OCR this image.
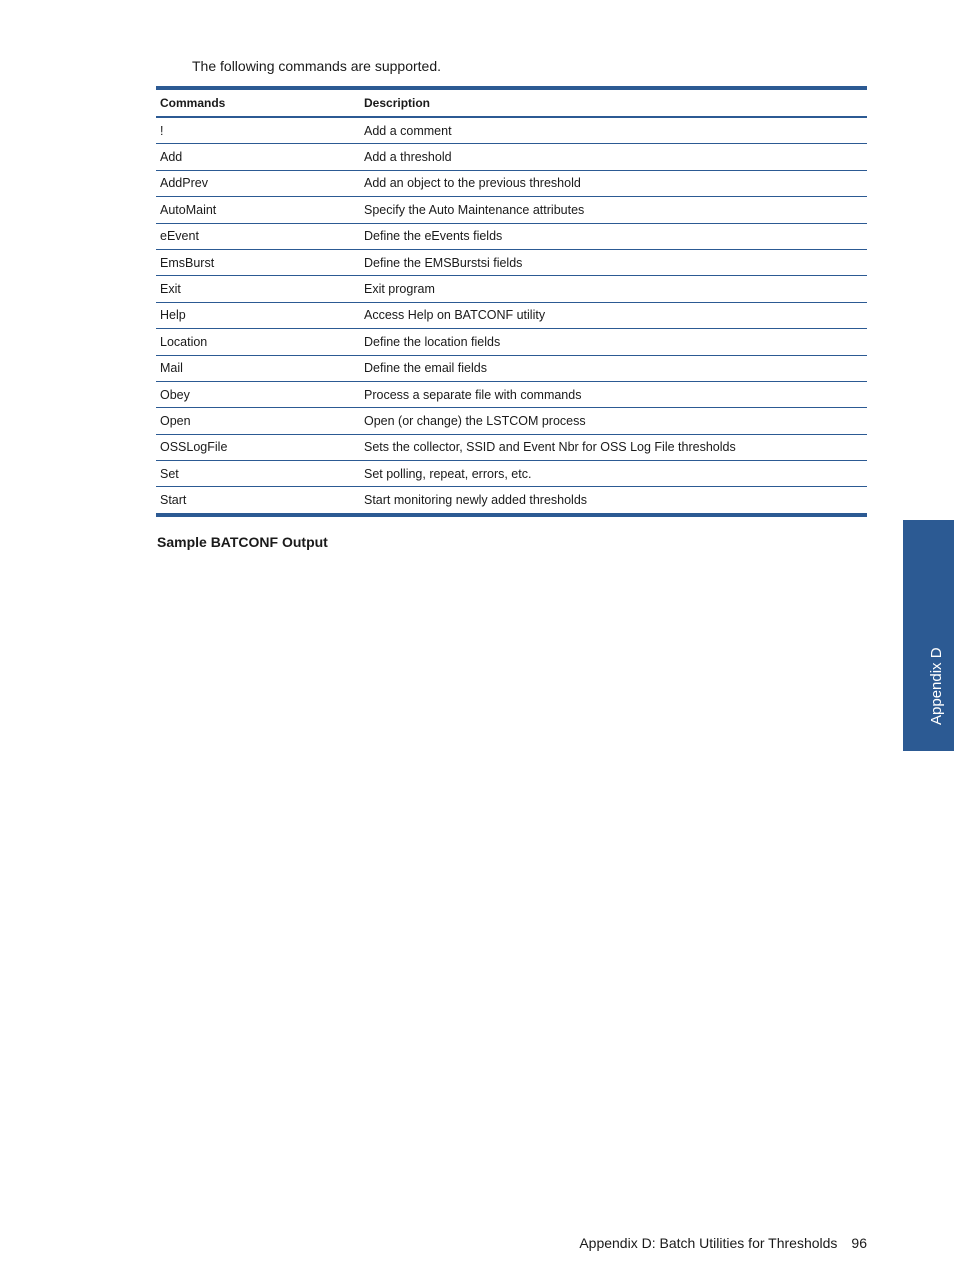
The following commands are supported.

Commands	Description
!	Add a comment
Add	Add a threshold
AddPrev	Add an object to the previous threshold
AutoMaint	Specify the Auto Maintenance attributes
eEvent	Define the eEvents fields
EmsBurst	Define the EMSBurstsi fields
Exit	Exit program
Help	Access Help on BATCONF utility
Location	Define the location fields
Mail	Define the email fields
Obey	Process a separate file with commands
Open	Open (or change) the LSTCOM process
OSSLogFile	Sets the collector, SSID and Event Nbr for OSS Log File thresholds
Set	Set polling, repeat, errors, etc.
Start	Start monitoring newly added thresholds
Sample BATCONF Output
Appendix D
Appendix D: Batch Utilities for Thresholds 96
